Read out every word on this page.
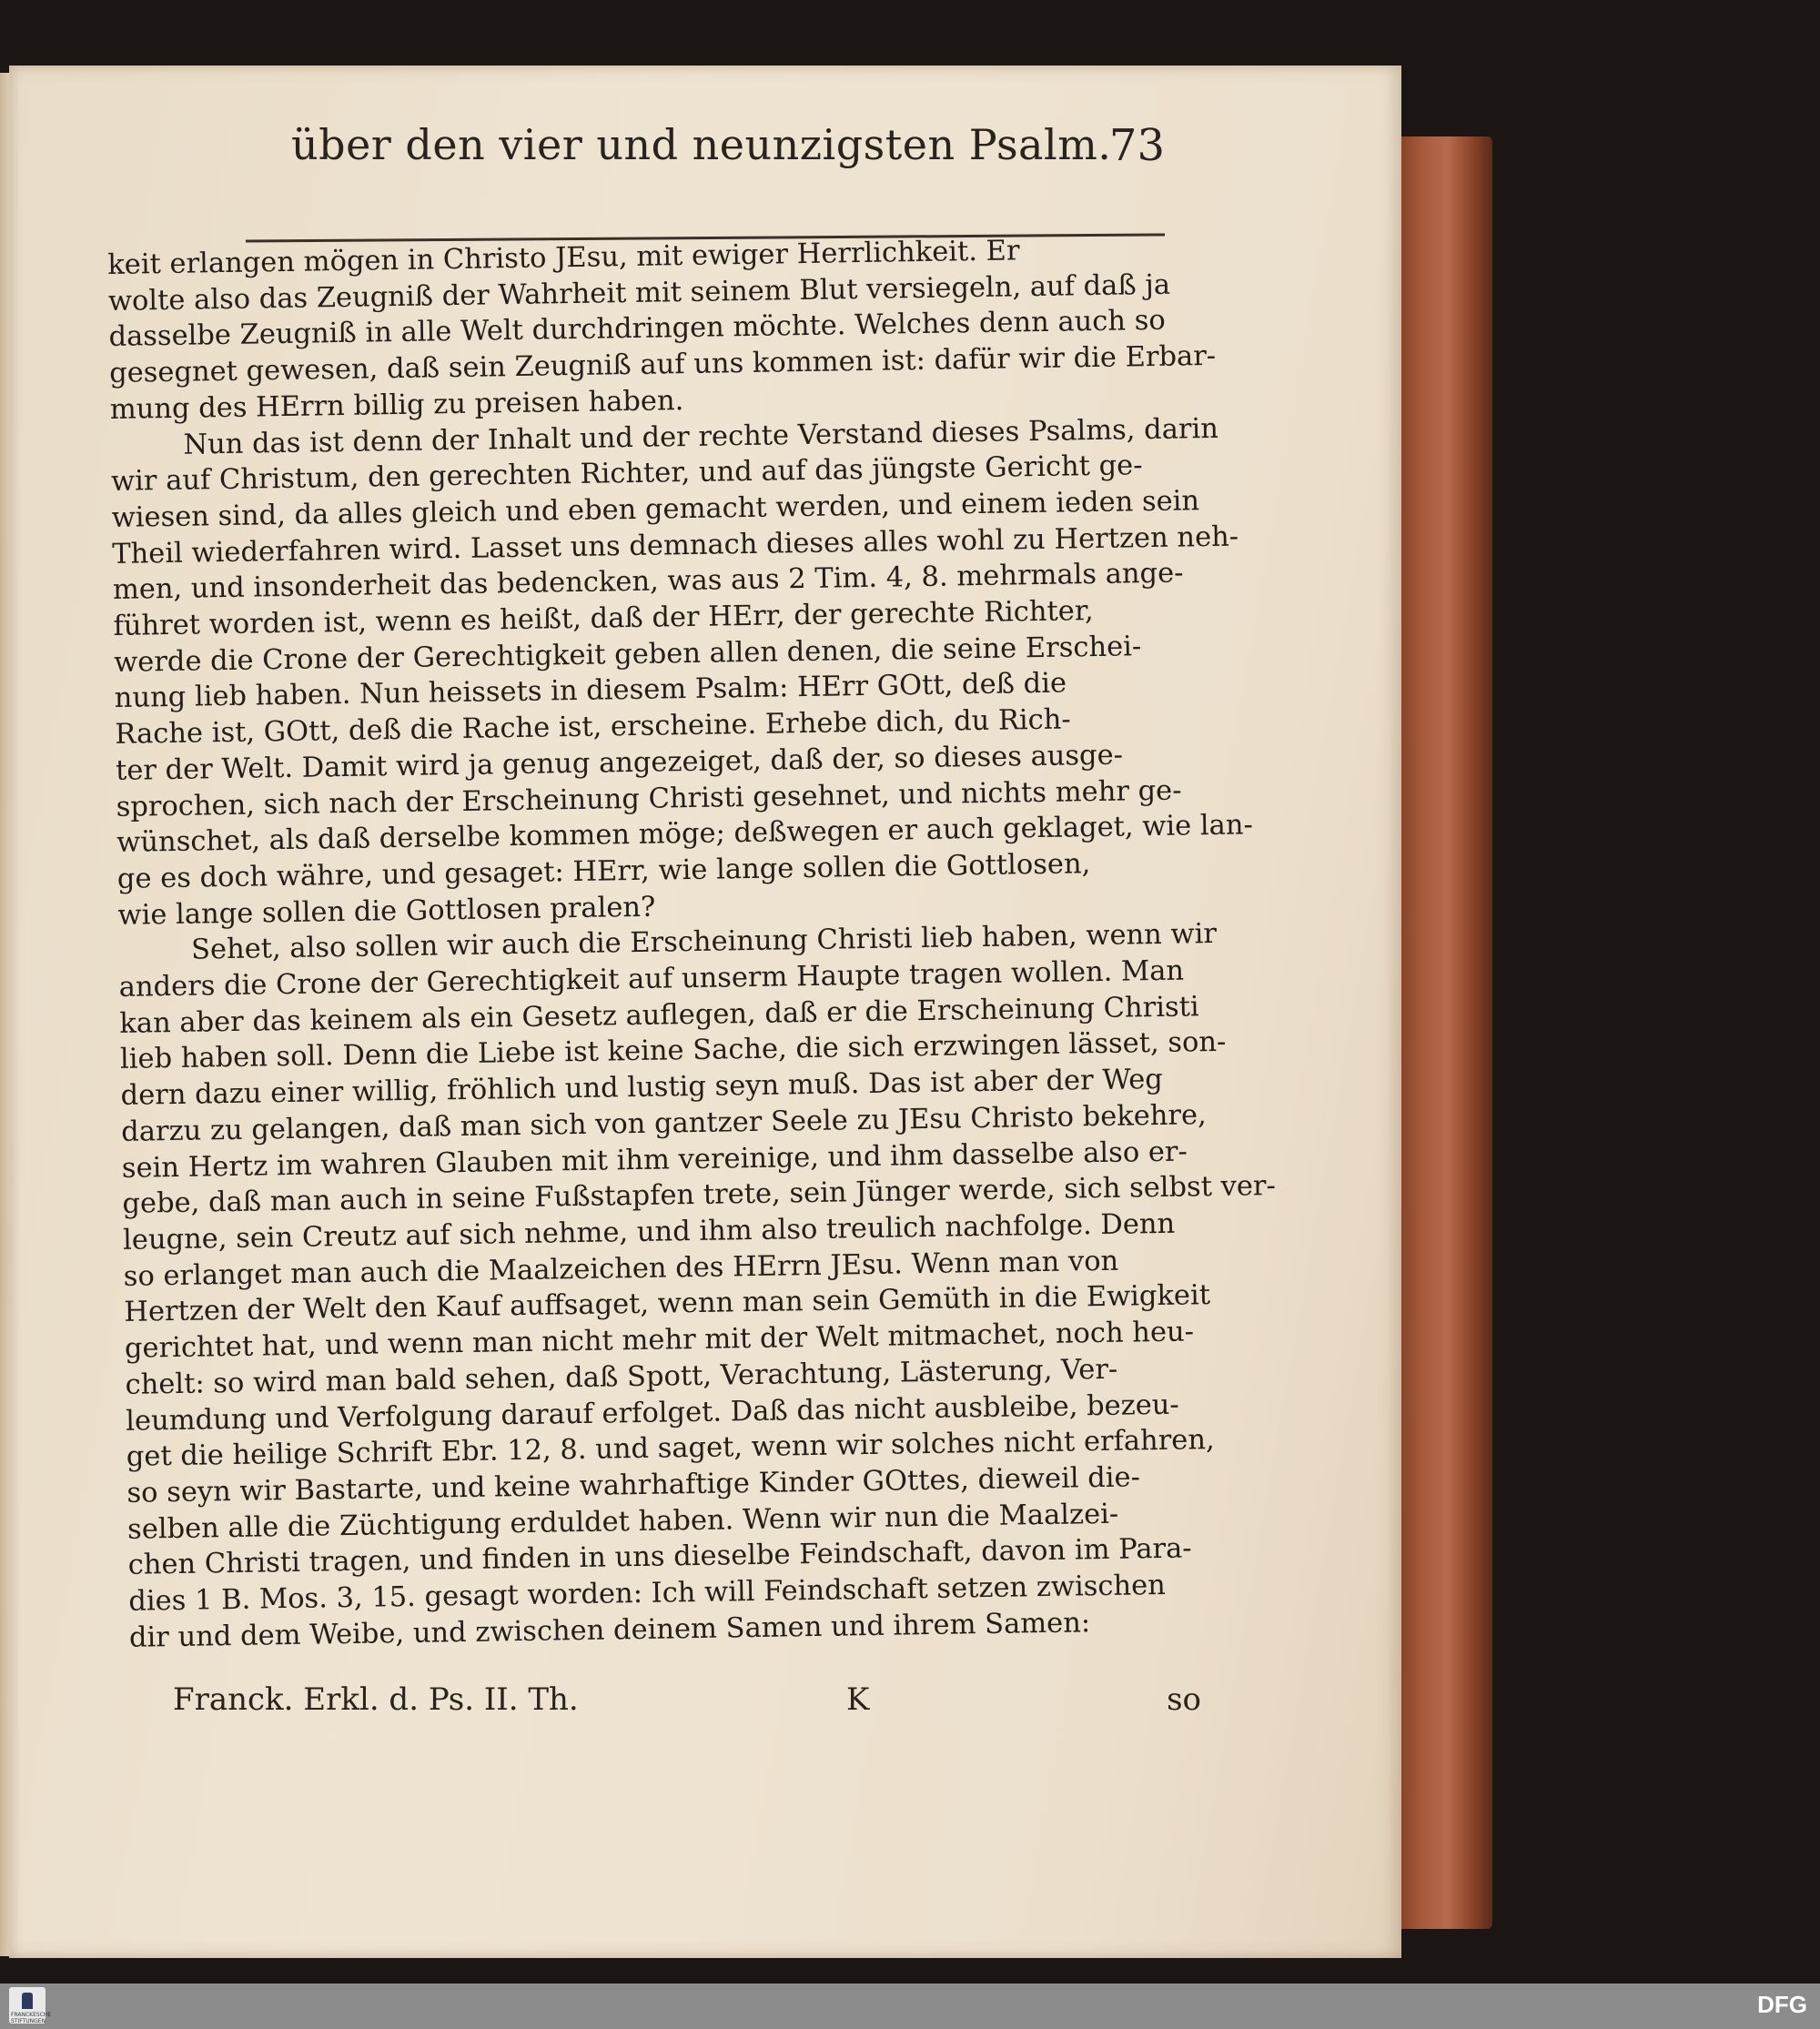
über den vier und neunzigsten Psalm.
73
keit erlangen mögen in Christo JEsu, mit ewiger Herrlichkeit. Er
wolte also das Zeugniß der Wahrheit mit seinem Blut versiegeln, auf daß ja
dasselbe Zeugniß in alle Welt durchdringen möchte. Welches denn auch so
gesegnet gewesen, daß sein Zeugniß auf uns kommen ist: dafür wir die Erbar-
mung des HErrn billig zu preisen haben.
Nun das ist denn der Inhalt und der rechte Verstand dieses Psalms, darin
wir auf Christum, den gerechten Richter, und auf das jüngste Gericht ge-
wiesen sind, da alles gleich und eben gemacht werden, und einem ieden sein
Theil wiederfahren wird. Lasset uns demnach dieses alles wohl zu Hertzen neh-
men, und insonderheit das bedencken, was aus 2 Tim. 4, 8. mehrmals ange-
führet worden ist, wenn es heißt, daß der HErr, der gerechte Richter,
werde die Crone der Gerechtigkeit geben allen denen, die seine Erschei-
nung lieb haben. Nun heissets in diesem Psalm: HErr GOtt, deß die
Rache ist, GOtt, deß die Rache ist, erscheine. Erhebe dich, du Rich-
ter der Welt. Damit wird ja genug angezeiget, daß der, so dieses ausge-
sprochen, sich nach der Erscheinung Christi gesehnet, und nichts mehr ge-
wünschet, als daß derselbe kommen möge; deßwegen er auch geklaget, wie lan-
ge es doch währe, und gesaget: HErr, wie lange sollen die Gottlosen,
wie lange sollen die Gottlosen pralen?
Sehet, also sollen wir auch die Erscheinung Christi lieb haben, wenn wir
anders die Crone der Gerechtigkeit auf unserm Haupte tragen wollen. Man
kan aber das keinem als ein Gesetz auflegen, daß er die Erscheinung Christi
lieb haben soll. Denn die Liebe ist keine Sache, die sich erzwingen lässet, son-
dern dazu einer willig, fröhlich und lustig seyn muß. Das ist aber der Weg
darzu zu gelangen, daß man sich von gantzer Seele zu JEsu Christo bekehre,
sein Hertz im wahren Glauben mit ihm vereinige, und ihm dasselbe also er-
gebe, daß man auch in seine Fußstapfen trete, sein Jünger werde, sich selbst ver-
leugne, sein Creutz auf sich nehme, und ihm also treulich nachfolge. Denn
so erlanget man auch die Maalzeichen des HErrn JEsu. Wenn man von
Hertzen der Welt den Kauf auffsaget, wenn man sein Gemüth in die Ewigkeit
gerichtet hat, und wenn man nicht mehr mit der Welt mitmachet, noch heu-
chelt: so wird man bald sehen, daß Spott, Verachtung, Lästerung, Ver-
leumdung und Verfolgung darauf erfolget. Daß das nicht ausbleibe, bezeu-
get die heilige Schrift Ebr. 12, 8. und saget, wenn wir solches nicht erfahren,
so seyn wir Bastarte, und keine wahrhaftige Kinder GOttes, dieweil die-
selben alle die Züchtigung erduldet haben. Wenn wir nun die Maalzei-
chen Christi tragen, und finden in uns dieselbe Feindschaft, davon im Para-
dies 1 B. Mos. 3, 15. gesagt worden: Ich will Feindschaft setzen zwischen
dir und dem Weibe, und zwischen deinem Samen und ihrem Samen:
Franck. Erkl. d. Ps. II. Th.	K	so
FRANCKESCHE STIFTUNGEN
DFG
